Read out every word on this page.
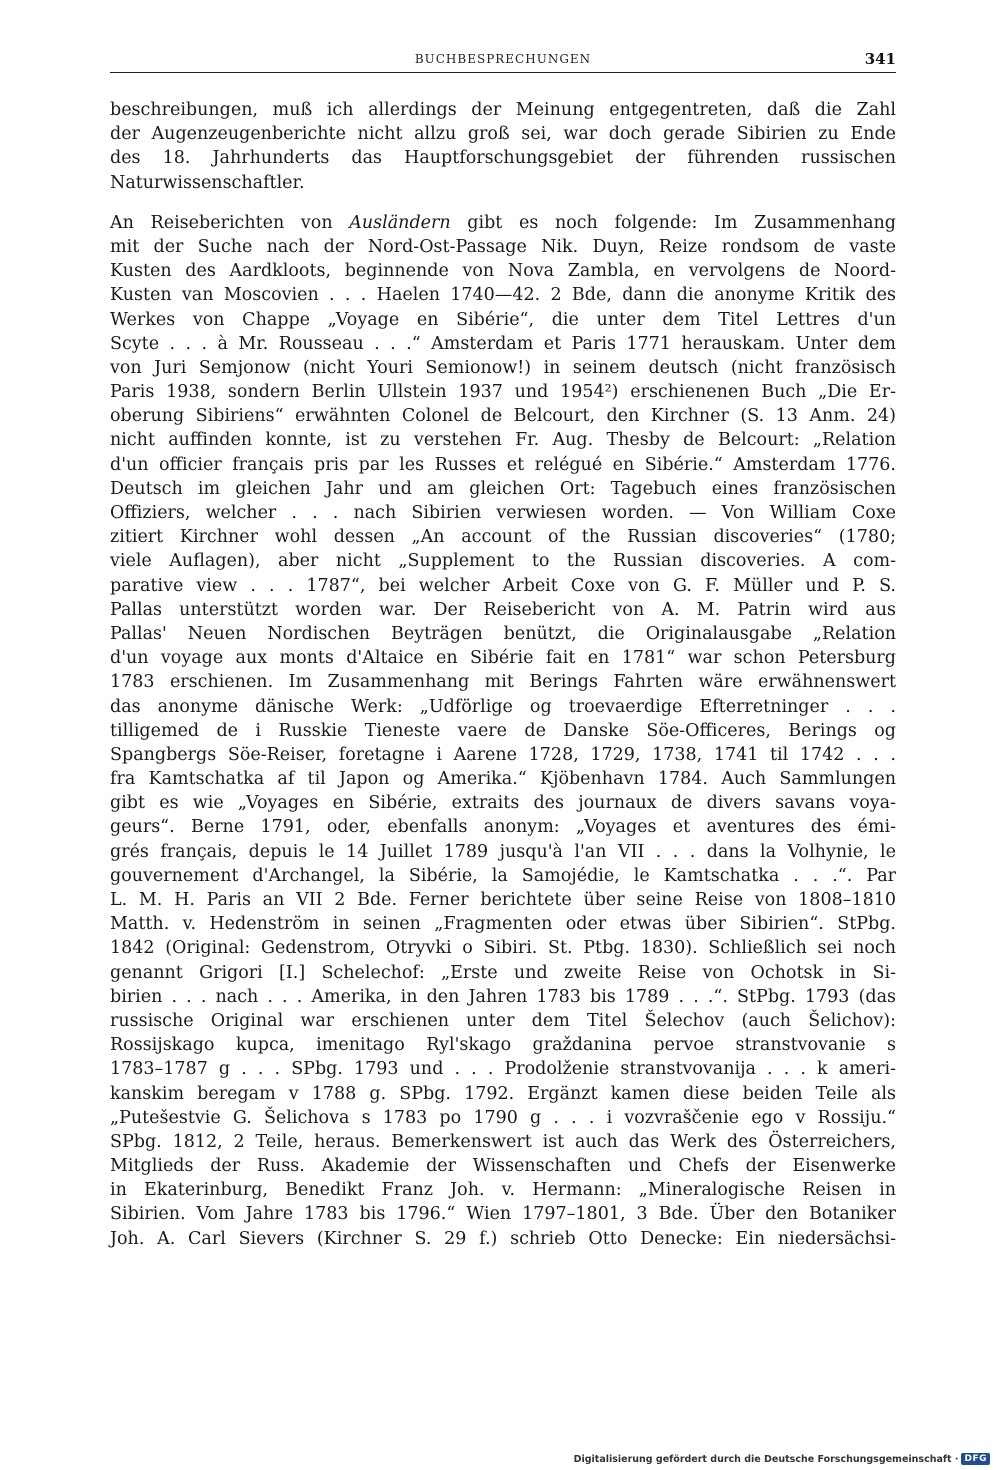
BUCHBESPRECHUNGEN	341
beschreibungen, muß ich allerdings der Meinung entgegentreten, daß die Zahl
der Augenzeugenberichte nicht allzu groß sei, war doch gerade Sibirien zu Ende
des 18. Jahrhunderts das Hauptforschungsgebiet der führenden russischen
Naturwissenschaftler.
An Reiseberichten von Ausländern gibt es noch folgende: Im Zusammenhang
mit der Suche nach der Nord-Ost-Passage Nik. Duyn, Reize rondsom de vaste
Kusten des Aardkloots, beginnende von Nova Zambla, en vervolgens de Noord-
Kusten van Moscovien . . . Haelen 1740—42. 2 Bde, dann die anonyme Kritik des
Werkes von Chappe „Voyage en Sibérie“, die unter dem Titel Lettres d'un
Scyte . . . à Mr. Rousseau . . .“ Amsterdam et Paris 1771 herauskam. Unter dem
von Juri Semjonow (nicht Youri Semionow!) in seinem deutsch (nicht französisch
Paris 1938, sondern Berlin Ullstein 1937 und 1954²) erschienenen Buch „Die Er-
oberung Sibiriens“ erwähnten Colonel de Belcourt, den Kirchner (S. 13 Anm. 24)
nicht auffinden konnte, ist zu verstehen Fr. Aug. Thesby de Belcourt: „Relation
d'un officier français pris par les Russes et relégué en Sibérie.“ Amsterdam 1776.
Deutsch im gleichen Jahr und am gleichen Ort: Tagebuch eines französischen
Offiziers, welcher . . . nach Sibirien verwiesen worden. — Von William Coxe
zitiert Kirchner wohl dessen „An account of the Russian discoveries“ (1780;
viele Auflagen), aber nicht „Supplement to the Russian discoveries. A com-
parative view . . . 1787“, bei welcher Arbeit Coxe von G. F. Müller und P. S.
Pallas unterstützt worden war. Der Reisebericht von A. M. Patrin wird aus
Pallas' Neuen Nordischen Beyträgen benützt, die Originalausgabe „Relation
d'un voyage aux monts d'Altaice en Sibérie fait en 1781“ war schon Petersburg
1783 erschienen. Im Zusammenhang mit Berings Fahrten wäre erwähnenswert
das anonyme dänische Werk: „Udförlige og troevaerdige Efterretninger . . .
tilligemed de i Russkie Tieneste vaere de Danske Söe-Officeres, Berings og
Spangbergs Söe-Reiser, foretagne i Aarene 1728, 1729, 1738, 1741 til 1742 . . .
fra Kamtschatka af til Japon og Amerika.“ Kjöbenhavn 1784. Auch Sammlungen
gibt es wie „Voyages en Sibérie, extraits des journaux de divers savans voya-
geurs“. Berne 1791, oder, ebenfalls anonym: „Voyages et aventures des émi-
grés français, depuis le 14 Juillet 1789 jusqu'à l'an VII . . . dans la Volhynie, le
gouvernement d'Archangel, la Sibérie, la Samojédie, le Kamtschatka . . .“. Par
L. M. H. Paris an VII 2 Bde. Ferner berichtete über seine Reise von 1808–1810
Matth. v. Hedenström in seinen „Fragmenten oder etwas über Sibirien“. StPbg.
1842 (Original: Gedenstrom, Otryvki o Sibiri. St. Ptbg. 1830). Schließlich sei noch
genannt Grigori [I.] Schelechof: „Erste und zweite Reise von Ochotsk in Si-
birien . . . nach . . . Amerika, in den Jahren 1783 bis 1789 . . .“. StPbg. 1793 (das
russische Original war erschienen unter dem Titel Šelechov (auch Šelichov):
Rossijskago kupca, imenitago Ryl'skago graždanina pervoe stranstvovanie s
1783–1787 g . . . SPbg. 1793 und . . . Prodolženie stranstvovanija . . . k ameri-
kanskim beregam v 1788 g. SPbg. 1792. Ergänzt kamen diese beiden Teile als
„Putešestvie G. Šelichova s 1783 po 1790 g . . . i vozvraščenie ego v Rossiju.“
SPbg. 1812, 2 Teile, heraus. Bemerkenswert ist auch das Werk des Österreichers,
Mitglieds der Russ. Akademie der Wissenschaften und Chefs der Eisenwerke
in Ekaterinburg, Benedikt Franz Joh. v. Hermann: „Mineralogische Reisen in
Sibirien. Vom Jahre 1783 bis 1796.“ Wien 1797–1801, 3 Bde. Über den Botaniker
Joh. A. Carl Sievers (Kirchner S. 29 f.) schrieb Otto Denecke: Ein niedersächsi-
Digitalisierung gefördert durch die Deutsche Forschungsgemeinschaft · DFG
